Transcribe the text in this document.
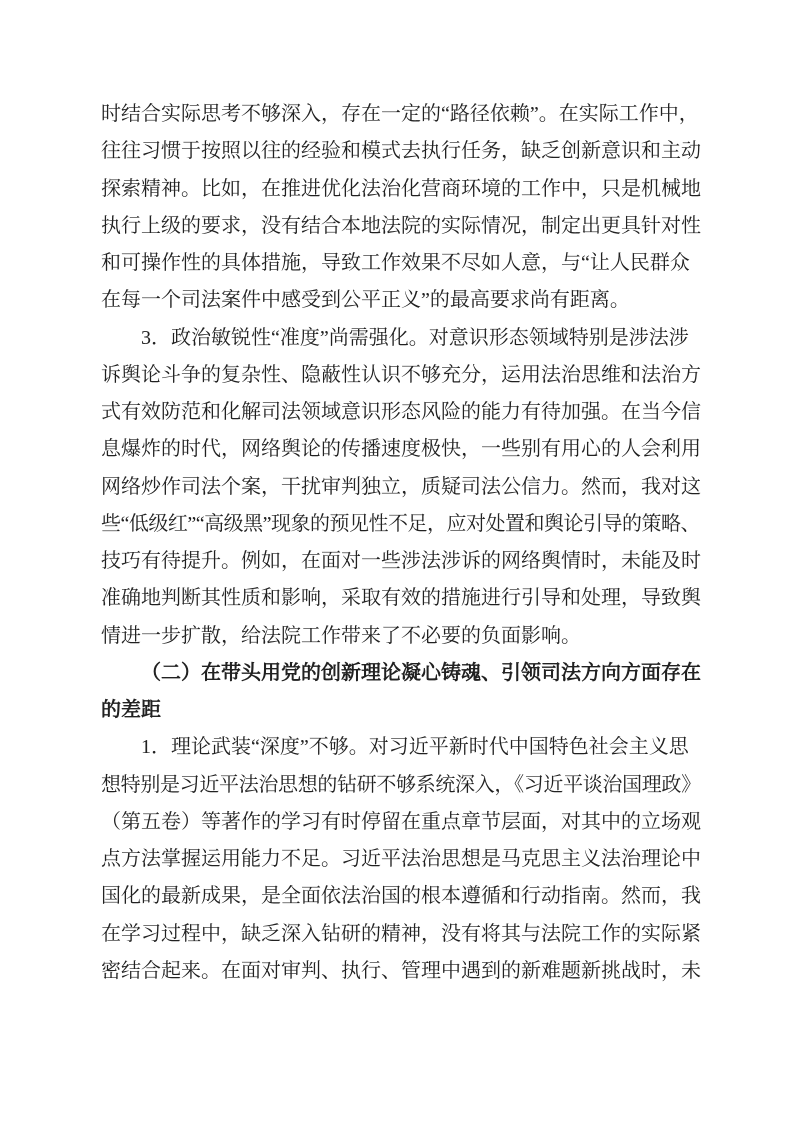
时结合实际思考不够深入，存在一定的“路径依赖”。在实际工作中，
往往习惯于按照以往的经验和模式去执行任务，缺乏创新意识和主动
探索精神。比如，在推进优化法治化营商环境的工作中，只是机械地
执行上级的要求，没有结合本地法院的实际情况，制定出更具针对性
和可操作性的具体措施，导致工作效果不尽如人意，与“让人民群众
在每一个司法案件中感受到公平正义”的最高要求尚有距离。
3．政治敏锐性“准度”尚需强化。对意识形态领域特别是涉法涉
诉舆论斗争的复杂性、隐蔽性认识不够充分，运用法治思维和法治方
式有效防范和化解司法领域意识形态风险的能力有待加强。在当今信
息爆炸的时代，网络舆论的传播速度极快，一些别有用心的人会利用
网络炒作司法个案，干扰审判独立，质疑司法公信力。然而，我对这
些“低级红”“高级黑”现象的预见性不足，应对处置和舆论引导的策略、
技巧有待提升。例如，在面对一些涉法涉诉的网络舆情时，未能及时
准确地判断其性质和影响，采取有效的措施进行引导和处理，导致舆
情进一步扩散，给法院工作带来了不必要的负面影响。
（二）在带头用党的创新理论凝心铸魂、引领司法方向方面存在
的差距
1．理论武装“深度”不够。对习近平新时代中国特色社会主义思
想特别是习近平法治思想的钻研不够系统深入，《习近平谈治国理政》
（第五卷）等著作的学习有时停留在重点章节层面，对其中的立场观
点方法掌握运用能力不足。习近平法治思想是马克思主义法治理论中
国化的最新成果，是全面依法治国的根本遵循和行动指南。然而，我
在学习过程中，缺乏深入钻研的精神，没有将其与法院工作的实际紧
密结合起来。在面对审判、执行、管理中遇到的新难题新挑战时，未
